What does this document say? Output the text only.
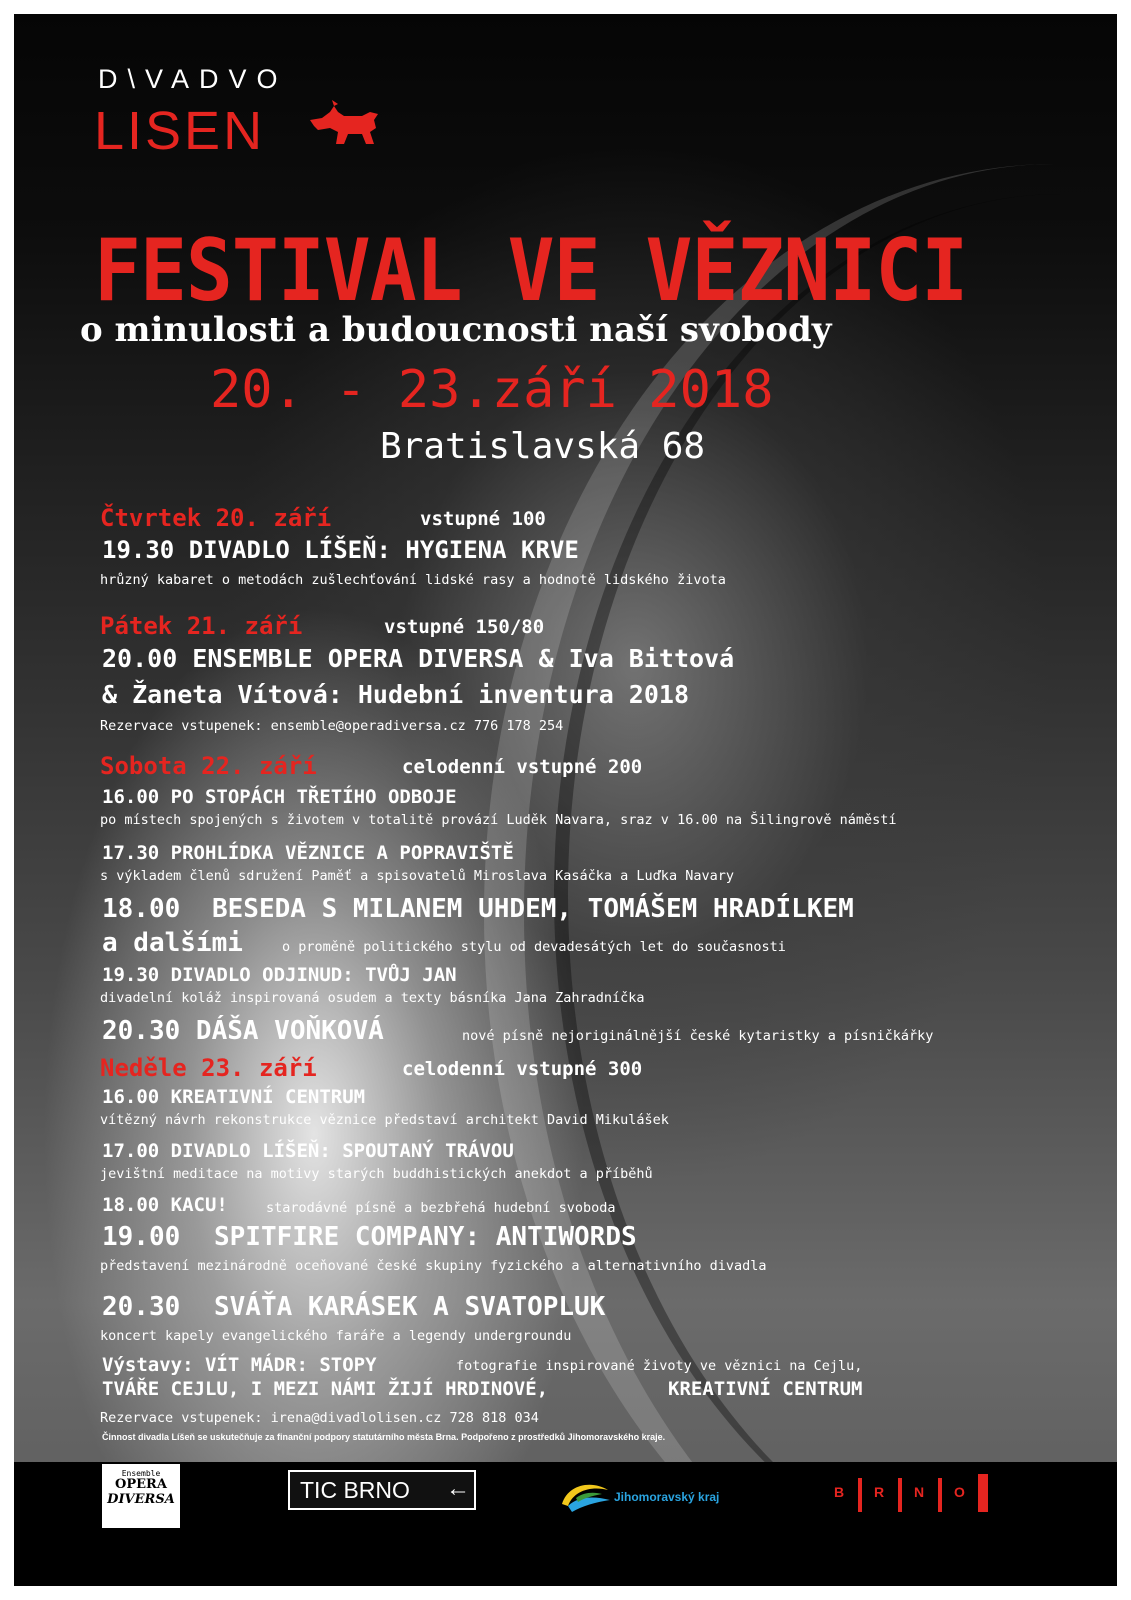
D\VADVO
LISEN
FESTIVAL VE VĚZNICI
o minulosti a budoucnosti naší svobody
20. - 23.září 2018
Bratislavská 68
Čtvrtek 20. září	vstupné 100
19.30 DIVADLO LÍŠEŇ: HYGIENA KRVE
hrůzný kabaret o metodách zušlechťování lidské rasy a hodnotě lidského života
Pátek 21. září	vstupné 150/80
20.00 ENSEMBLE OPERA DIVERSA & Iva Bittová
& Žaneta Vítová: Hudební inventura 2018
Rezervace vstupenek: ensemble@operadiversa.cz 776 178 254
Sobota 22. září	celodenní vstupné 200
16.00 PO STOPÁCH TŘETÍHO ODBOJE
po místech spojených s životem v totalitě provází Luděk Navara, sraz v 16.00 na Šilingrově náměstí
17.30 PROHLÍDKA VĚZNICE A POPRAVIŠTĚ
s výkladem členů sdružení Paměť a spisovatelů Miroslava Kasáčka a Luďka Navary
18.00 BESEDA S MILANEM UHDEM, TOMÁŠEM HRADÍLKEM
a dalšími	o proměně politického stylu od devadesátých let do současnosti
19.30 DIVADLO ODJINUD: TVŮJ JAN
divadelní koláž inspirovaná osudem a texty básníka Jana Zahradníčka
20.30 DÁŠA VOŇKOVÁ	nové písně nejoriginálnější české kytaristky a písničkářky
Neděle 23. září	celodenní vstupné 300
16.00 KREATIVNÍ CENTRUM
vítězný návrh rekonstrukce věznice představí architekt David Mikulášek
17.00 DIVADLO LÍŠEŇ: SPOUTANÝ TRÁVOU
jevištní meditace na motivy starých buddhistických anekdot a příběhů
18.00 KACU!	starodávné písně a bezbřehá hudební svoboda
19.00 SPITFIRE COMPANY: ANTIWORDS
představení mezinárodně oceňované české skupiny fyzického a alternativního divadla
20.30 SVÁŤA KARÁSEK A SVATOPLUK
koncert kapely evangelického faráře a legendy undergroundu
Výstavy: VÍT MÁDR: STOPY	fotografie inspirované životy ve věznici na Cejlu,
TVÁŘE CEJLU, I MEZI NÁMI ŽIJÍ HRDINOVÉ,	KREATIVNÍ CENTRUM
Rezervace vstupenek: irena@divadlolisen.cz 728 818 034
Činnost divadla Líšeň se uskutečňuje za finanční podpory statutárního města Brna. Podpořeno z prostředků Jihomoravského kraje.
Ensemble
OPERA
DIVERSA	TIC BRNO ←	Jihomoravský kraj	B R N O
